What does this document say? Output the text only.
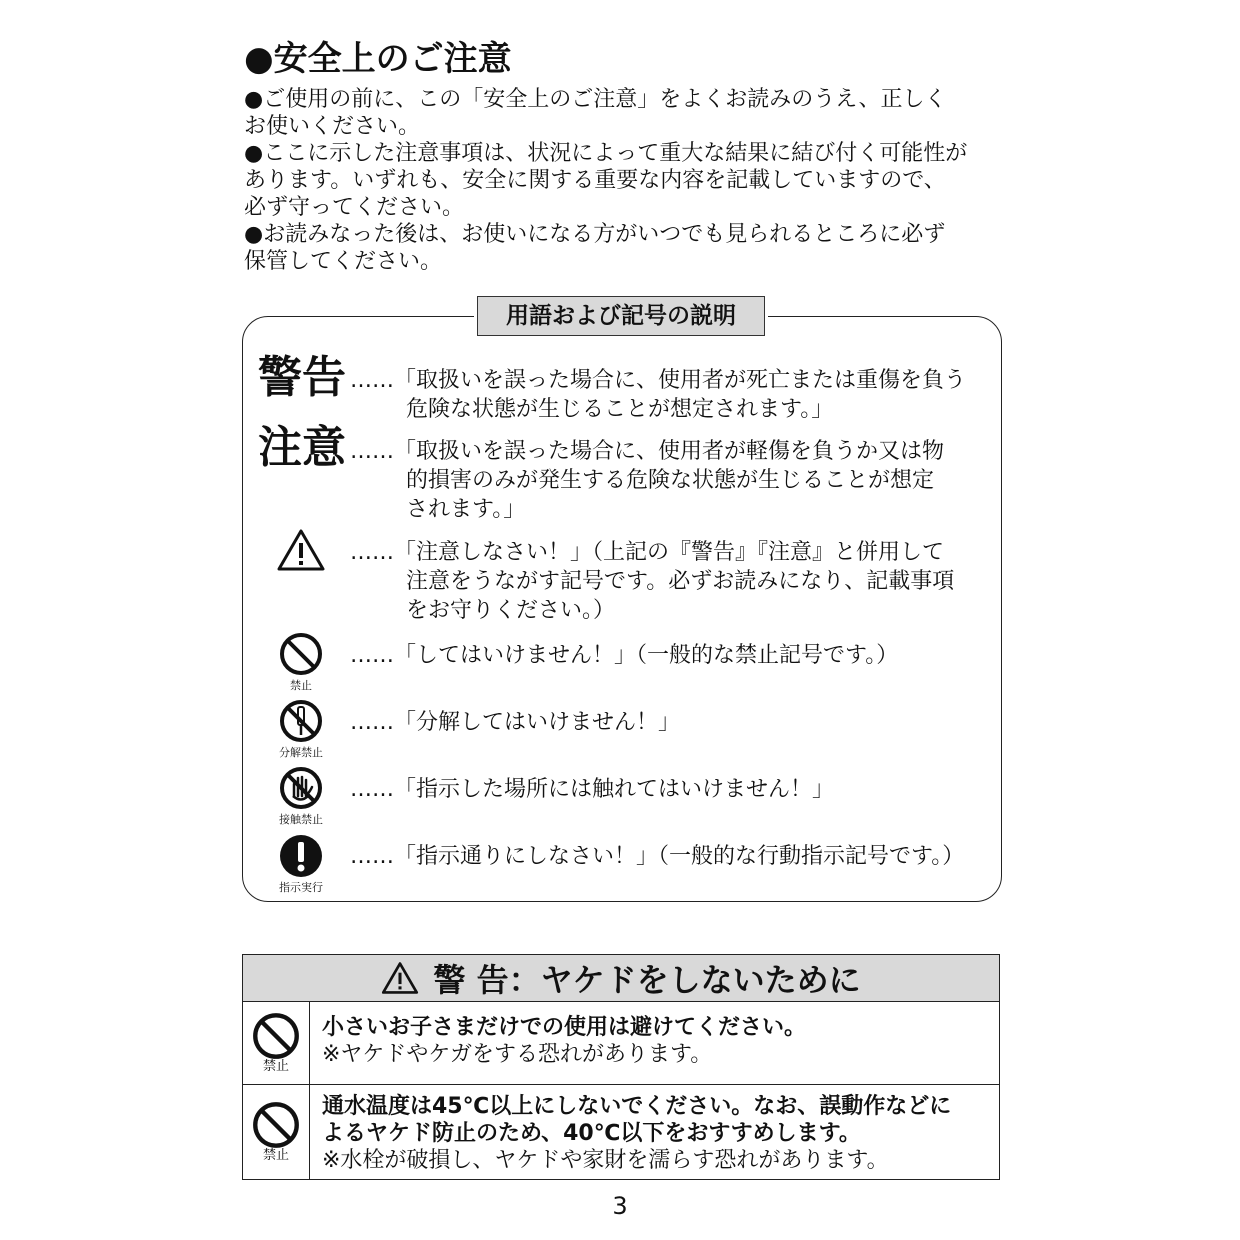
●安全上のご注意
●ご使用の前に、この「安全上のご注意」をよくお読みのうえ、正しく
お使いください。
●ここに示した注意事項は、状況によって重大な結果に結び付く可能性が
あります。いずれも、安全に関する重要な内容を記載していますので、
必ず守ってください。
●お読みなった後は、お使いになる方がいつでも見られるところに必ず
保管してください。
用語および記号の説明
警告 …… 「取扱いを誤った場合に、使用者が死亡または重傷を負う
危険な状態が生じることが想定されます。」
注意 …… 「取扱いを誤った場合に、使用者が軽傷を負うか又は物
的損害のみが発生する危険な状態が生じることが想定
されます。」
…… 「注意しなさい！」（上記の『警告』『注意』と併用して
注意をうながす記号です。必ずお読みになり、記載事項
をお守りください。）
禁止
…… 「してはいけません！」（一般的な禁止記号です。）
分解禁止
…… 「分解してはいけません！」
接触禁止
…… 「指示した場所には触れてはいけません！」
指示実行
…… 「指示通りにしなさい！」（一般的な行動指示記号です。）
警 告：ヤケドをしないために
禁止
小さいお子さまだけでの使用は避けてください。
※ヤケドやケガをする恐れがあります。
禁止
通水温度は45℃以上にしないでください。なお、誤動作などに
よるヤケド防止のため、40℃以下をおすすめします。
※水栓が破損し、ヤケドや家財を濡らす恐れがあります。
3
